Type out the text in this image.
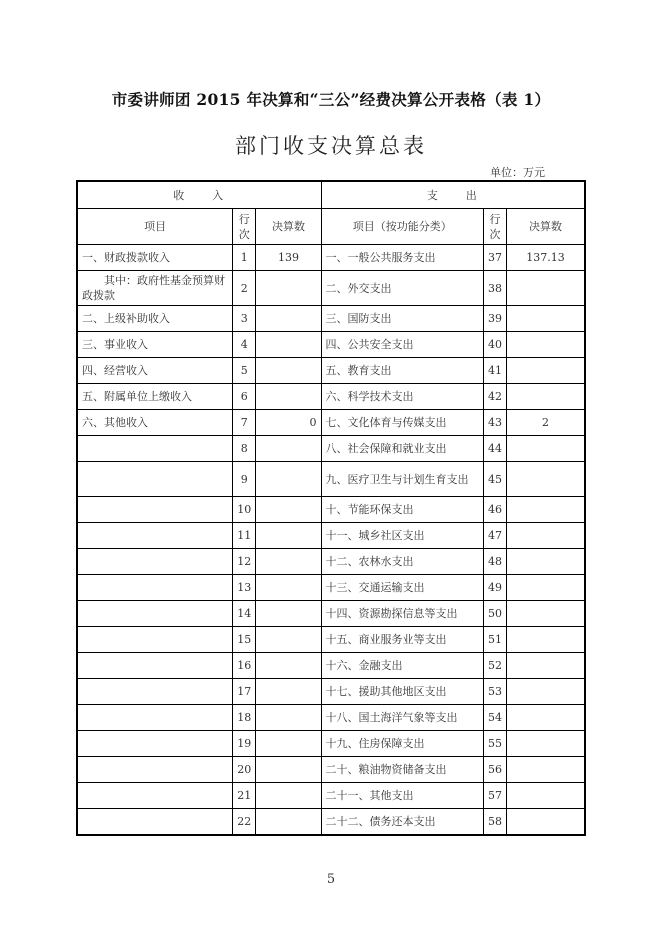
市委讲师团 2015 年决算和“三公”经费决算公开表格（表 1）
部门收支决算总表
单位：万元
收　　入			支　　出		
项目	行次	决算数	项目（按功能分类）	行次	决算数
一、财政拨款收入	1	139	一、一般公共服务支出	37	137.13

其中：政府性基金预算财政拨款	2		二、外交支出	38	
二、上级补助收入	3		三、国防支出	39	
三、事业收入	4		四、公共安全支出	40	
四、经营收入	5		五、教育支出	41	
五、附属单位上缴收入	6		六、科学技术支出	42	
六、其他收入	7	0	七、文化体育与传媒支出	43	2
	8		八、社会保障和就业支出	44	
	9		九、医疗卫生与计划生育支出	45	
	10		十、节能环保支出	46	
	11		十一、城乡社区支出	47	
	12		十二、农林水支出	48	
	13		十三、交通运输支出	49	
	14		十四、资源勘探信息等支出	50	
	15		十五、商业服务业等支出	51	
	16		十六、金融支出	52	
	17		十七、援助其他地区支出	53	
	18		十八、国土海洋气象等支出	54	
	19		十九、住房保障支出	55	
	20		二十、粮油物资储备支出	56	
	21		二十一、其他支出	57	
	22		二十二、债务还本支出	58	
5
